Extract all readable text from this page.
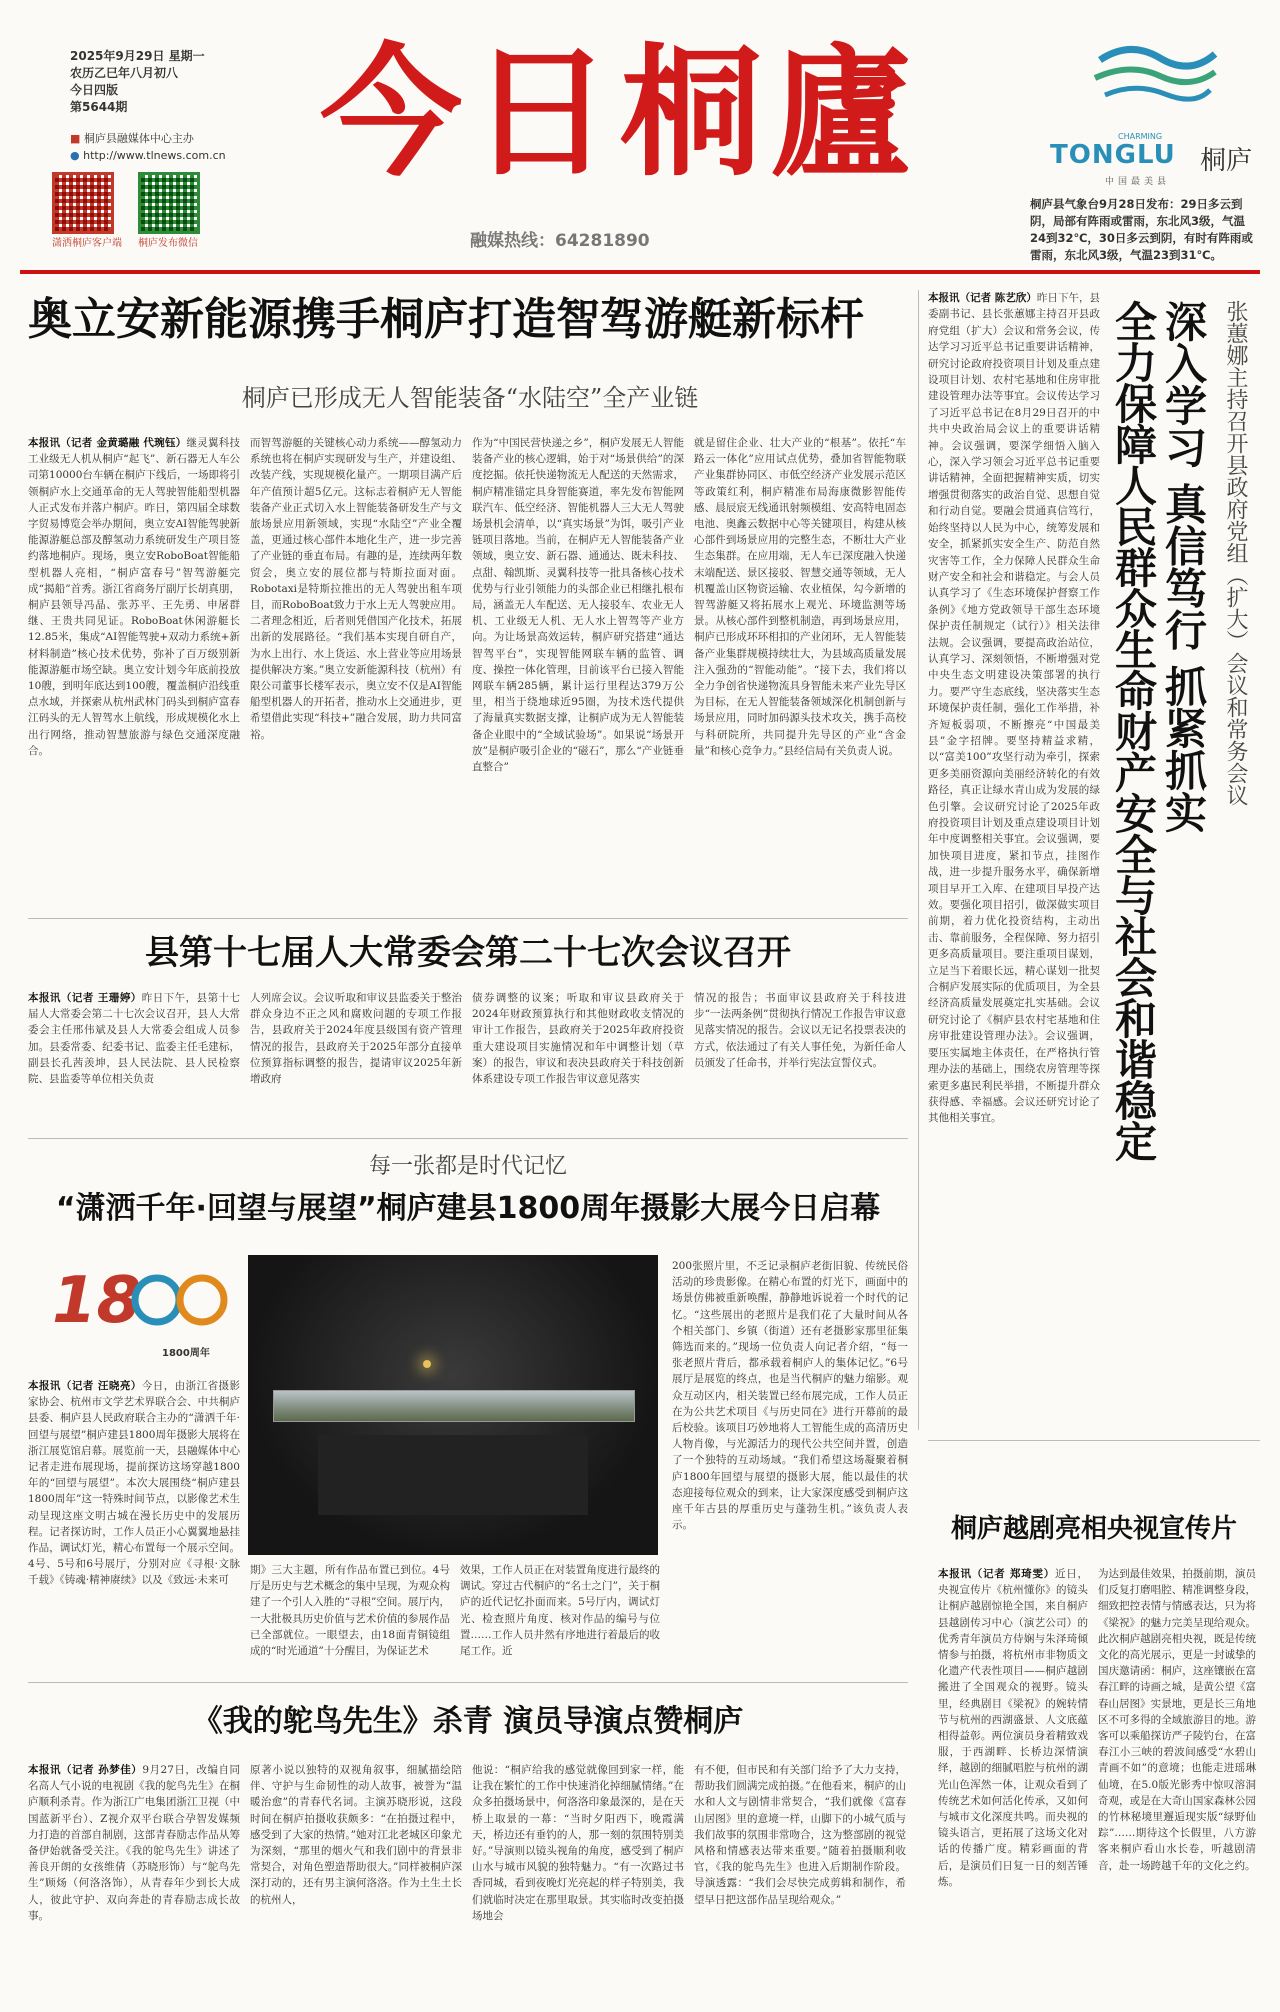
2025年9月29日 星期一
农历乙巳年八月初八
今日四版
第5644期
■ 桐庐县融媒体中心主办
● http://www.tlnews.com.cn
潇洒桐庐客户端 桐庐发布微信
今日桐廬
融媒热线：64281890
CHARMING
TONGLU 桐庐
中国最美县
桐庐县气象台9月28日发布：29日多云到阴，局部有阵雨或雷雨，东北风3级，气温24到32℃，30日多云到阴，有时有阵雨或雷雨，东北风3级，气温23到31℃。
奥立安新能源携手桐庐打造智驾游艇新标杆
桐庐已形成无人智能装备“水陆空”全产业链
本报讯（记者 金黄璐融 代琬钰）继灵翼科技工业级无人机从桐庐“起飞”、新石器无人车公司第10000台车辆在桐庐下线后，一场即将引领桐庐水上交通革命的无人驾驶智能船型机器人正式发布并落户桐庐。昨日，第四届全球数字贸易博览会举办期间，奥立安AI智能驾驶新能源游艇总部及醇氢动力系统研发生产项目签约落地桐庐。现场，奥立安RoboBoat智能船型机器人亮相，“桐庐富春号”智驾游艇完成“揭船”首秀。浙江省商务厅副厅长胡真朋，桐庐县领导冯晶、张苏平、王先勇、申屠群继、王贵共同见证。RoboBoat休闲游艇长12.85米，集成“AI智能驾驶+双动力系统+新材料制造”核心技术优势，弥补了百万级别新能源游艇市场空缺。奥立安计划今年底前投放10艘，到明年底达到100艘，覆盖桐庐沿线重点水域，并探索从杭州武林门码头到桐庐富春江码头的无人智驾水上航线，形成规模化水上出行网络，推动智慧旅游与绿色交通深度融合。
而智驾游艇的关键核心动力系统——醇氢动力系统也将在桐庐实现研发与生产，并建设组、改装产线，实现规模化量产。一期项目满产后年产值预计超5亿元。这标志着桐庐无人智能装备产业正式切入水上智能装备研发生产与文旅场景应用新领域，实现“水陆空”产业全覆盖，更通过核心部件本地化生产，进一步完善了产业链的垂直布局。有趣的是，连续两年数贸会，奥立安的展位都与特斯拉面对面。Robotaxi是特斯拉推出的无人驾驶出租车项目，而RoboBoat致力于水上无人驾驶应用。二者理念相近，后者则凭借国产化技术，拓展出新的发展路径。“我们基本实现自研自产，为水上出行、水上货运、水上营业等应用场景提供解决方案。”奥立安新能源科技（杭州）有限公司董事长楼军表示，奥立安不仅是AI智能船型机器人的开拓者，推动水上交通进步，更希望借此实现“科技+”融合发展，助力共同富裕。
作为“中国民营快递之乡”，桐庐发展无人智能装备产业的核心逻辑，始于对“场景供给”的深度挖掘。依托快递物流无人配送的天然需求，桐庐精准锚定具身智能赛道，率先发布智能网联汽车、低空经济、智能机器人三大无人驾驶场景机会清单，以“真实场景”为饵，吸引产业链项目落地。当前，在桐庐无人智能装备产业领域，奥立安、新石器、通通达、既未科技、点甜、翰凯斯、灵翼科技等一批具备核心技术优势与行业引领能力的头部企业已相继扎根布局，涵盖无人车配送、无人接驳车、农业无人机、工业级无人机、无人水上智驾等产业方向。为让场景高效运转，桐庐研究搭建“通达智驾平台”，实现智能网联车辆的监管、调度、操控一体化管理，目前该平台已接入智能网联车辆285辆，累计运行里程达379万公里，相当于绕地球近95圈，为技术迭代提供了海量真实数据支撑，让桐庐成为无人智能装备企业眼中的“全域试验场”。如果说“场景开放”是桐庐吸引企业的“磁石”，那么“产业链垂直整合”
就是留住企业、壮大产业的“根基”。依托“车路云一体化”应用试点优势，叠加省智能物联产业集群协同区、市低空经济产业发展示范区等政策红利，桐庐精准布局海康微影智能传感、晨辰宸无线通讯射频模组、安高特电固态电池、奥鑫云数据中心等关键项目，构建从核心部件到场景应用的完整生态，不断壮大产业生态集群。在应用端，无人车已深度融入快递末端配送、景区接驳、智慧交通等领域，无人机覆盖山区物资运输、农业植保，勾今新增的智驾游艇又将拓展水上观光、环境监测等场景。从核心部件到整机制造，再到场景应用，桐庐已形成环环相扣的产业闭环，无人智能装备产业集群规模持续壮大，为县域高质量发展注入强劲的“智能动能”。“接下去，我们将以全力争创省快递物流具身智能未来产业先导区为目标，在无人智能装备领域深化机制创新与场景应用，同时加码源头技术攻关，携手高校与科研院所，共同提升先导区的产业“含金量”和核心竞争力。”县经信局有关负责人说。
本报讯（记者 陈艺欣）昨日下午，县委副书记、县长张蕙娜主持召开县政府党组（扩大）会议和常务会议，传达学习习近平总书记重要讲话精神，研究讨论政府投资项目计划及重点建设项目计划、农村宅基地和住房审批建设管理办法等事宜。会议传达学习了习近平总书记在8月29日召开的中共中央政治局会议上的重要讲话精神。会议强调，要深学细悟入脑入心，深入学习领会习近平总书记重要讲话精神，全面把握精神实质，切实增强贯彻落实的政治自觉、思想自觉和行动自觉。要融会贯通真信笃行，始终坚持以人民为中心，统筹发展和安全，抓紧抓实安全生产、防范自然灾害等工作，全力保障人民群众生命财产安全和社会和谐稳定。与会人员认真学习了《生态环境保护督察工作条例》《地方党政领导干部生态环境保护责任制规定（试行）》相关法律法规。会议强调，要提高政治站位，认真学习、深刻领悟，不断增强对党中央生态文明建设决策部署的执行力。要严守生态底线，坚决落实生态环境保护责任制，强化工作举措，补齐短板弱项，不断擦亮“中国最美县”金字招牌。要坚持精益求精，以“富美100”攻坚行动为牵引，探索更多美丽资源向美丽经济转化的有效路径，真正让绿水青山成为发展的绿色引擎。会议研究讨论了2025年政府投资项目计划及重点建设项目计划年中度调整相关事宜。会议强调，要加快项目进度，紧扣节点，挂图作战，进一步提升服务水平，确保新增项目早开工入库、在建项目早投产达效。要强化项目招引，做深做实项目前期，着力优化投资结构，主动出击、靠前服务，全程保障、努力招引更多高质量项目。要注重项目谋划，立足当下着眼长远，精心谋划一批契合桐庐发展实际的优质项目，为全县经济高质量发展奠定扎实基础。会议研究讨论了《桐庐县农村宅基地和住房审批建设管理办法》。会议强调，要压实属地主体责任，在严格执行管理办法的基础上，围绕农房管理等探索更多惠民利民举措，不断提升群众获得感、幸福感。会议还研究讨论了其他相关事宜。
深入学习 真信笃行 抓紧抓实
全力保障人民群众生命财产安全与社会和谐稳定	张蕙娜主持召开县政府党组（扩大）会议和常务会议
县第十七届人大常委会第二十七次会议召开
本报讯（记者 王珊婷）昨日下午，县第十七届人大常委会第二十七次会议召开，县人大常委会主任邢伟斌及县人大常委会组成人员参加。县委常委、纪委书记、监委主任毛建标，副县长孔茜羡坤，县人民法院、县人民检察院、县监委等单位相关负责
人列席会议。会议听取和审议县监委关于整治群众身边不正之风和腐败问题的专项工作报告，县政府关于2024年度县级国有资产管理情况的报告，县政府关于2025年部分直接单位预算指标调整的报告，提请审议2025年新增政府
债券调整的议案；听取和审议县政府关于2024年财政预算执行和其他财政收支情况的审计工作报告，县政府关于2025年政府投资重大建设项目实施情况和年中调整计划（草案）的报告，审议和表决县政府关于科技创新体系建设专项工作报告审议意见落实
情况的报告；书面审议县政府关于科技进步“一法两条例”贯彻执行情况工作报告审议意见落实情况的报告。会议以无记名投票表决的方式，依法通过了有关人事任免，为新任命人员颁发了任命书，并举行宪法宣誓仪式。
每一张都是时代记忆
“潇洒千年·回望与展望”桐庐建县1800周年摄影大展今日启幕
18
1800周年
本报讯（记者 汪晓亮）今日，由浙江省摄影家协会、杭州市文学艺术界联合会、中共桐庐县委、桐庐县人民政府联合主办的“潇洒千年·回望与展望”桐庐建县1800周年摄影大展将在浙江展览馆启幕。展览前一天，县融媒体中心记者走进布展现场，提前探访这场穿越1800年的“回望与展望”。本次大展围绕“桐庐建县1800周年”这一特殊时间节点，以影像艺术生动呈现这座文明古城在漫长历史中的发展历程。记者探访时，工作人员正小心翼翼地悬挂作品，调试灯光，精心布置每一个展示空间。4号、5号和6号展厅，分别对应《寻根·文脉千载》《铸魂·精神赓续》以及《致远·未来可
期》三大主题，所有作品布置已到位。4号厅是历史与艺术概念的集中呈现，为观众构建了一个引人入胜的“寻根”空间。展厅内，一大批极具历史价值与艺术价值的参展作品已全部就位。一眼望去，由18面青铜镜组成的“时光通道”十分醒目，为保证艺术
效果，工作人员正在对装置角度进行最终的调试。穿过古代桐庐的“名士之门”，关于桐庐的近代记忆扑面而来。5号厅内，调试灯光、检查照片角度、核对作品的编号与位置……工作人员井然有序地进行着最后的收尾工作。近
200张照片里，不乏记录桐庐老街旧貌、传统民俗活动的珍贵影像。在精心布置的灯光下，画面中的场景仿佛被重新唤醒，静静地诉说着一个时代的记忆。“这些展出的老照片是我们花了大量时间从各个相关部门、乡镇（街道）还有老摄影家那里征集筛选而来的。”现场一位负责人向记者介绍，“每一张老照片背后，都承载着桐庐人的集体记忆。”6号展厅是展览的终点，也是当代桐庐的魅力缩影。观众互动区内，相关装置已经布展完成，工作人员正在为公共艺术项目《与历史同在》进行开幕前的最后校验。该项目巧妙地将人工智能生成的高清历史人物肖像，与光源活力的现代公共空间并置，创造了一个独特的互动场域。“我们希望这场凝聚着桐庐1800年回望与展望的摄影大展，能以最佳的状态迎接每位观众的到来，让大家深度感受到桐庐这座千年古县的厚重历史与蓬勃生机。”该负责人表示。
《我的鸵鸟先生》杀青 演员导演点赞桐庐
本报讯（记者 孙梦佳）9月27日，改编自同名高人气小说的电视剧《我的鸵鸟先生》在桐庐顺利杀青。作为浙江广电集团浙江卫视（中国蓝新平台）、Z视介双平台联合孕智发媒频力打造的首部自制剧，这部青春励志作品从筹备伊始就备受关注。《我的鸵鸟先生》讲述了善良开朗的女孩维倩（苏晓形饰）与“鸵鸟先生”顾炀（何洛洛饰），从青春年少到长大成人，彼此守护、双向奔赴的青春励志成长故事。
原著小说以独特的双视角叙事，细腻描绘陪伴、守护与生命韧性的动人故事，被誉为“温暖治愈”的青春代名词。主演苏晓形说，这段时间在桐庐拍摄收获颇多：“在拍摄过程中，感受到了大家的热情。”她对江北老城区印象尤为深刻，“那里的烟火气和我们剧中的背景非常契合，对角色塑造帮助很大。”同样被桐庐深深打动的，还有男主演何洛洛。作为土生土长的杭州人，
他说：“桐庐给我的感觉就像回到家一样，能让我在繁忙的工作中快速消化掉细腻情绪。”在众多拍摄场景中，何洛洛印象最深的，是在天桥上取景的一幕：“当时夕阳西下，晚霞满天，桥边还有垂钓的人，那一刻的氛围特别美好。”导演则以镜头视角的角度，感受到了桐庐山水与城市风貌的独特魅力。“有一次路过书香同城，看到夜晚灯光亮起的样子特别美，我们就临时决定在那里取景。其实临时改变拍摄场地会
有不便，但市民和有关部门给予了大力支持，帮助我们圆满完成拍摄。”在他看来，桐庐的山水和人文与剧情非常契合，“我们就像《富春山居图》里的意境一样，山脚下的小城气质与我们故事的氛围非常吻合，这为整部剧的视觉风格和情感表达带来重要。”随着拍摄顺利收官，《我的鸵鸟先生》也进入后期制作阶段。导演透露：“我们会尽快完成剪辑和制作，希望早日把这部作品呈现给观众。”
桐庐越剧亮相央视宣传片
本报讯（记者 郑琦雯）近日，央视宣传片《杭州懂你》的镜头让桐庐越剧惊艳全国，来自桐庐县越剧传习中心（演艺公司）的优秀青年演员方侍娴与朱泽琦倾情参与拍摄，将杭州市非物质文化遗产代表性项目——桐庐越剧搬进了全国观众的视野。镜头里，经典剧目《梁祝》的婉转情节与杭州的西湖盛景、人文底蕴相得益彰。两位演员身着精致戏服，于西湖畔、长桥边深情演绎，越剧的细腻唱腔与杭州的湖光山色浑然一体，让观众看到了传统艺术如何活化传承，又如何与城市文化深度共鸣。而央视的镜头语言，更拓展了这场文化对话的传播广度。精彩画面的背后，是演员们日复一日的刻苦锤炼。
为达到最佳效果，拍摄前期，演员们反复打磨唱腔、精准调整身段，细致把控表情与情感表达，只为将《梁祝》的魅力完美呈现给观众。此次桐庐越剧亮相央视，既是传统文化的高光展示，更是一封诚挚的国庆邀请函：桐庐，这座镶嵌在富春江畔的诗画之城，是黄公望《富春山居图》实景地，更是长三角地区不可多得的全域旅游目的地。游客可以乘船探访严子陵钓台，在富春江小三峡的碧波间感受“水碧山青画不如”的意境；也能走进瑶琳仙境，在5.0版光影秀中惊叹溶洞奇观，或是在大奇山国家森林公园的竹林秘境里邂逅现实版“绿野仙踪”……期待这个长假里，八方游客来桐庐看山水长卷，听越剧清音，赴一场跨越千年的文化之约。
